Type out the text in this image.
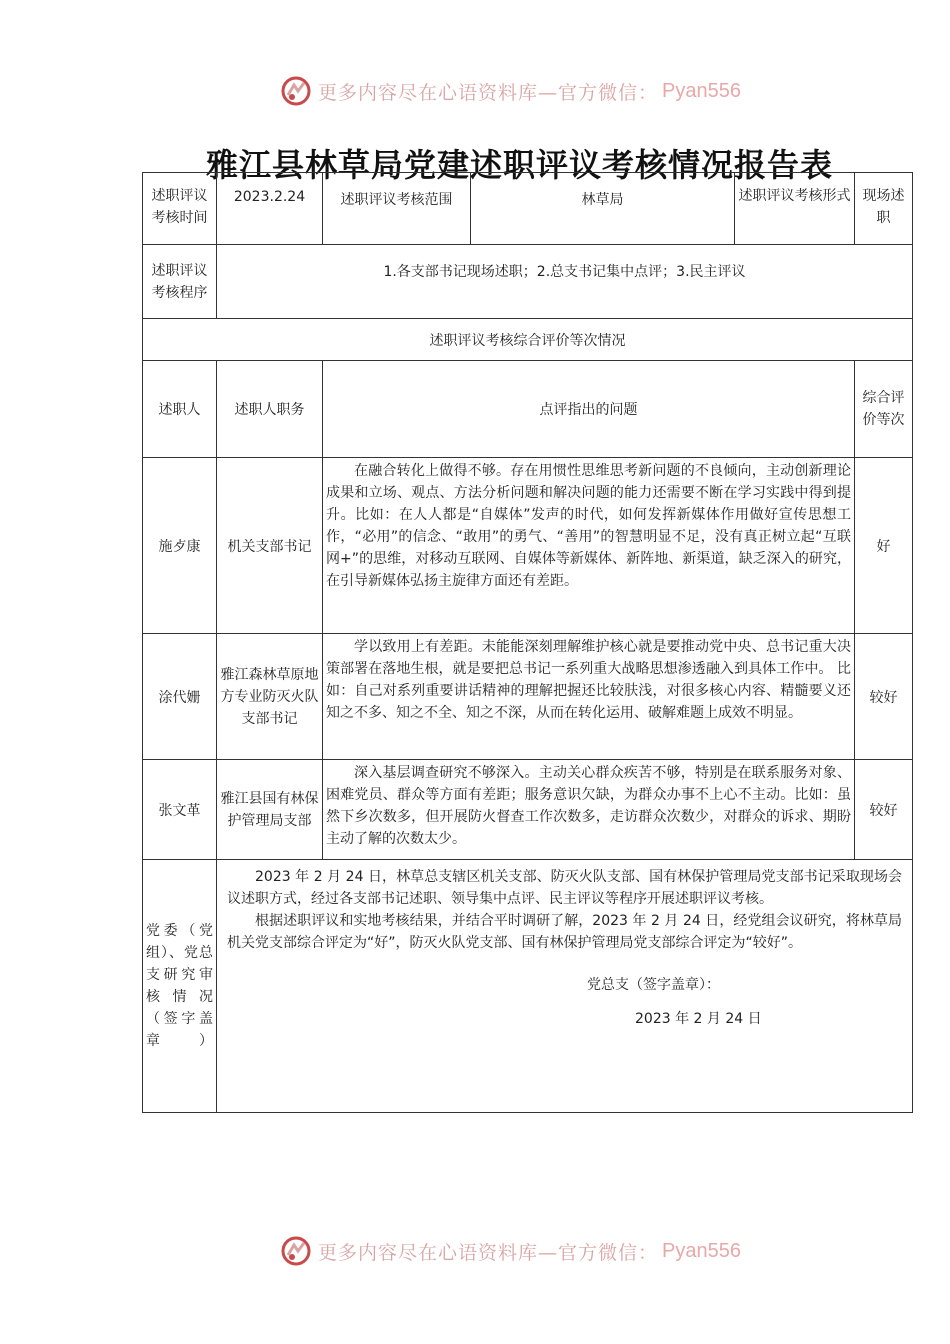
更多内容尽在心语资料库—官方微信： Pyan556
雅江县林草局党建述职评议考核情况报告表
述职评议考核时间	2023.2.24	述职评议考核范围	林草局	述职评议考核形式	现场述职
述职评议考核程序	1.各支部书记现场述职；2.总支书记集中点评；3.民主评议				
述职评议考核综合评价等次情况					
述职人	述职人职务	点评指出的问题			综合评价等次
施歺康	机关支部书记	在融合转化上做得不够。存在用惯性思维思考新问题的不良倾向，主动创新理论成果和立场、观点、方法分析问题和解决问题的能力还需要不断在学习实践中得到提升。比如：在人人都是“自媒体”发声的时代，如何发挥新媒体作用做好宣传思想工作，“必用”的信念、“敢用”的勇气、“善用”的智慧明显不足，没有真正树立起“互联网+”的思维，对移动互联网、自媒体等新媒体、新阵地、新渠道，缺乏深入的研究，在引导新媒体弘扬主旋律方面还有差距。			好
涂代姗	雅江森林草原地方专业防灭火队支部书记	学以致用上有差距。未能能深刻理解维护核心就是要推动党中央、总书记重大决策部署在落地生根，就是要把总书记一系列重大战略思想渗透融入到具体工作中。 比如：自己对系列重要讲话精神的理解把握还比较肤浅，对很多核心内容、精髓要义还知之不多、知之不全、知之不深，从而在转化运用、破解难题上成效不明显。			较好
张文革	雅江县国有林保护管理局支部	深入基层调查研究不够深入。主动关心群众疾苦不够，特别是在联系服务对象、困难党员、群众等方面有差距；服务意识欠缺，为群众办事不上心不主动。比如：虽然下乡次数多，但开展防火督查工作次数多，走访群众次数少，对群众的诉求、期盼主动了解的次数太少。			较好
党委（党组）、党总支研究审核情况（签字盖章）	2023 年 2 月 24 日，林草总支辖区机关支部、防灭火队支部、国有林保护管理局党支部书记采取现场会议述职方式，经过各支部书记述职、领导集中点评、民主评议等程序开展述职评议考核。

根据述职评议和实地考核结果，并结合平时调研了解，2023 年 2 月 24 日，经党组会议研究，将林草局机关党支部综合评定为“好”，防灭火队党支部、国有林保护管理局党支部综合评定为“较好”。

党总支（签字盖章）：

2023 年 2 月 24 日				

更多内容尽在心语资料库—官方微信： Pyan556
